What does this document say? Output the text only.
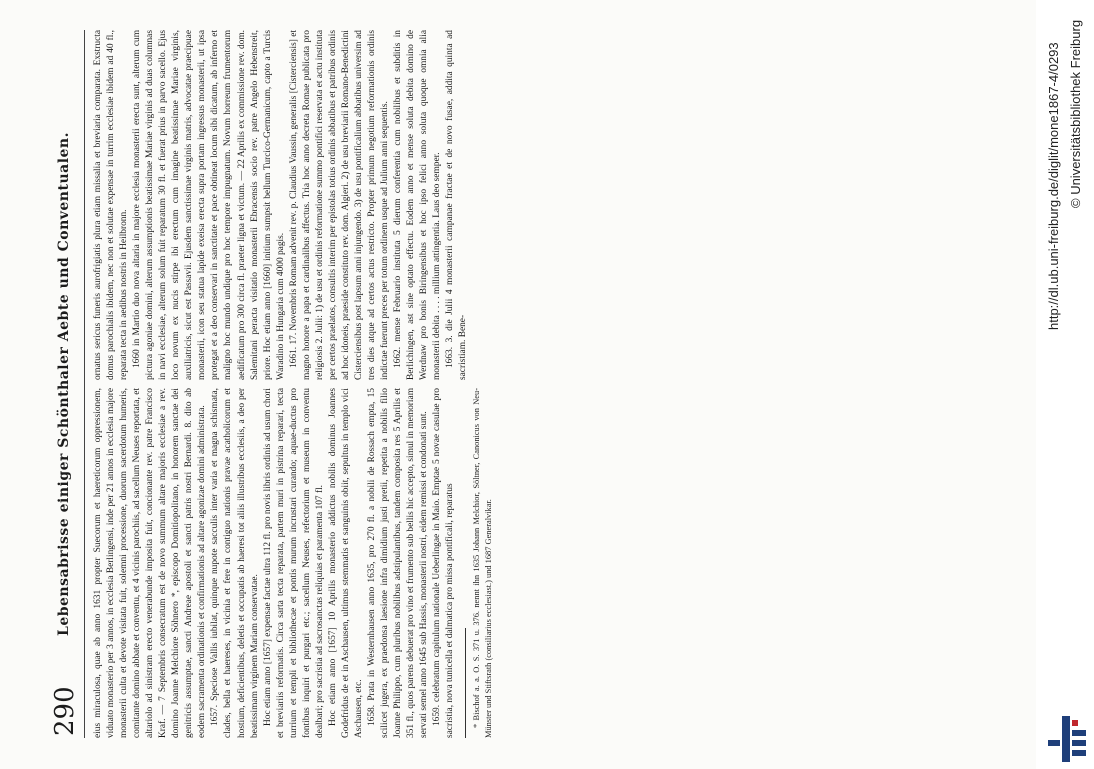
290
Lebensabrisse einiger Schönthaler Aebte und Conventualen. eius miraculosa, quae ab anno 1631 propter Suecorum et haereticorum oppressionem, viduato monasterio per 3 annos, in ecclesia Berlingensi, inde per 21 annos in ecclesia majore monasterii culta et devote visitata fuit, solemni processione, duorum sacerdotum humeris, comitante domino abbate et conventu, et 4 vicinis parochiis, ad sacellum Neuses reportata, et altariolo ad sinistram erecto venerabunde imposita fuit, concionante rev. patre Francisco Kraf. — 7 Septembris consecratum est de novo summum altare majoris ecclesiae a rev. domino Joanne Melchiore Söhnero *, episcopo Domitiopolitano, in honorem sanctae dei genitricis assumptae, sancti Andreae apostoli et sancti patris nostri Bernardi. 8. dito ab eodem sacramenta ordinationis et confirmationis ad altare agonizae domini administrata. 1657. Speciose Vallis iubilat, quinque nupote sacculis inter varia et magna schismata, clades, bella et haereses, in vicinia et fere in contiguo nationis pravae acatholicorum et hostium, deficientibus, deletis et occupatis ab haeresi tot aliis illustribus ecclesiis, a deo per beatissimam virginem Mariam conservatae. Hoc etiam anno [1657] expensae factae ultra 112 fl. pro novis libris ordinis ad usum chori et breviariis reformatis. Circa sarta tecta reparata, partem muri in pistrina reparari, tecta turrium et templi et bibliothecae et pontis murum incrustari curando; aquae-ductus pro fontibus inquiri et purgari etc.; sacellum Neuses, refectorium et museum in conventu dealbari; pro sacristia ad sacrosanctas reliquias et paramenta 107 fl. Hoc etiam anno [1657] 10 Aprilis monasterio addictus nobilis dominus Joannes Godefridus de et in Aschausen, ultimus stemmatis et sanguinis obiit, sepultus in templo vici Aschausen, etc. 1658. Prata in Westernhausen anno 1635, pro 270 fl. a nobili de Rossach empta, 15 scilicet jugera, ex praedonsa laesione infra dimidium justi pretii, repetita a nobilis filio Joanne Philippo, cum pluribus nobilibus adstipulantibus, tandem composita res 5 Aprilis et 351 fl., quos parens debuerat pro vino et frumento sub bellis hic accepto, simul in memoriam servati semel anno 1645 sub Hassis, monasterii nostri, eidem remissi et condonati sunt. 1659. celebratum capitulum nationale Ueberlingae in Maio. Emptae 5 novae casulae pro sacristia, nova tunicella et dalmatica pro missa pontificali, reparatus * Bischof a. a. O. S. 371 u. 376. nennt ihn 1635 Johann Melchior, Söltner, Canonicus von Neu-Münster und Stiftsrath (consiliarius ecclesiast.) und 1687 Generalvikar.

ornatus sericus funeris aurofrigiatis plura etiam missalia et breviaria comparata. Exstructa domus parochialis ibidem, nec non et solutae expensae in turrim ecclesiae ibidem ad 40 fl., reparata tecta in aedibus nostris in Heilbronn. 1660 in Martio duo nova altaria in majore ecclesia monasterii erecta sunt, alterum cum pictura agoniae domini, alterum assumptionis beatissimae Mariae virginis ad duas columnas in navi ecclesiae, alterum solum fuit reparatum 30 fl. et fuerat prius in parvo sacello. Ejus loco novum ex nucis stirpe ibi erectum cum imagine beatissimae Mariae virginis, auxiliatricis, sicut est Passavii. Ejusdem sanctissimae virginis matris, advocatae praecipuae monasterii, icon seu statua lapide exeisa erecta supra portam ingressus monasterii, ut ipsa protegat et a deo conservari in sanctitate et pace obtineat locum sibi dicatum, ab inferno et maligno hoc mundo undique pro hoc tempore impugnatum. Novum horreum frumentorum aedificatum pro 300 circa fl. praeter ligna et victum. — 22 Aprilis ex commissione rev. dom. Salemitani peracta visitatio monasterii Ebracensis socio rev. patre Angelo Hebenstreit, priore. Hoc etiam anno [1660] initium sumpsit bellum Turcico-Germanicum, capto a Turcis Waradino in Hungaria cum 4000 pagis. 1661. 17. Novembris Romam advenit rev. p. Claudius Vaussin, generalis [Cisterciensis] et magno honore a papa et cardinalibus affectus. Tria hoc anno decreta Romae publicata pro religiosis 2. Julii: 1) de usu et ordinis reformatione summo pontifici reservata et actu instituta per certos praelatos, consultis interim per epistolas totius ordinis abbatibus et patribus ordinis ad hoc idoneis, praeside constituto rev. dom. Algieri. 2) de usu breviarii Romano-Benedictini Cisterciensibus post lapsum anni injungendo. 3) de usu pontificalium abbatibus universim ad tres dies atque ad certos actus restricto. Propter primum negotium reformationis ordinis indictae fuerunt preces per totum ordinem usque ad Julium anni sequentis. 1662. mense Februario instituta 5 dierum conferentia cum nobilibus et subditis in Berlichingen, ast sine optato effectu. Eodem anno et mense soluta debita domino de Werdnaw pro bonis Biringensibus et hoc ipso felici anno soluta quoque omnia alia monasterii debita . . . . millium attingentia. Laus deo semper. 1663. 3. die Julii 4 monasterii campanae fractae et de novo fusae, addita quinta ad sacristiam. Bene-

http://dl.ub.uni-freiburg.de/diglit/mone1867-4/0293 © Universitätsbibliothek Freiburg
